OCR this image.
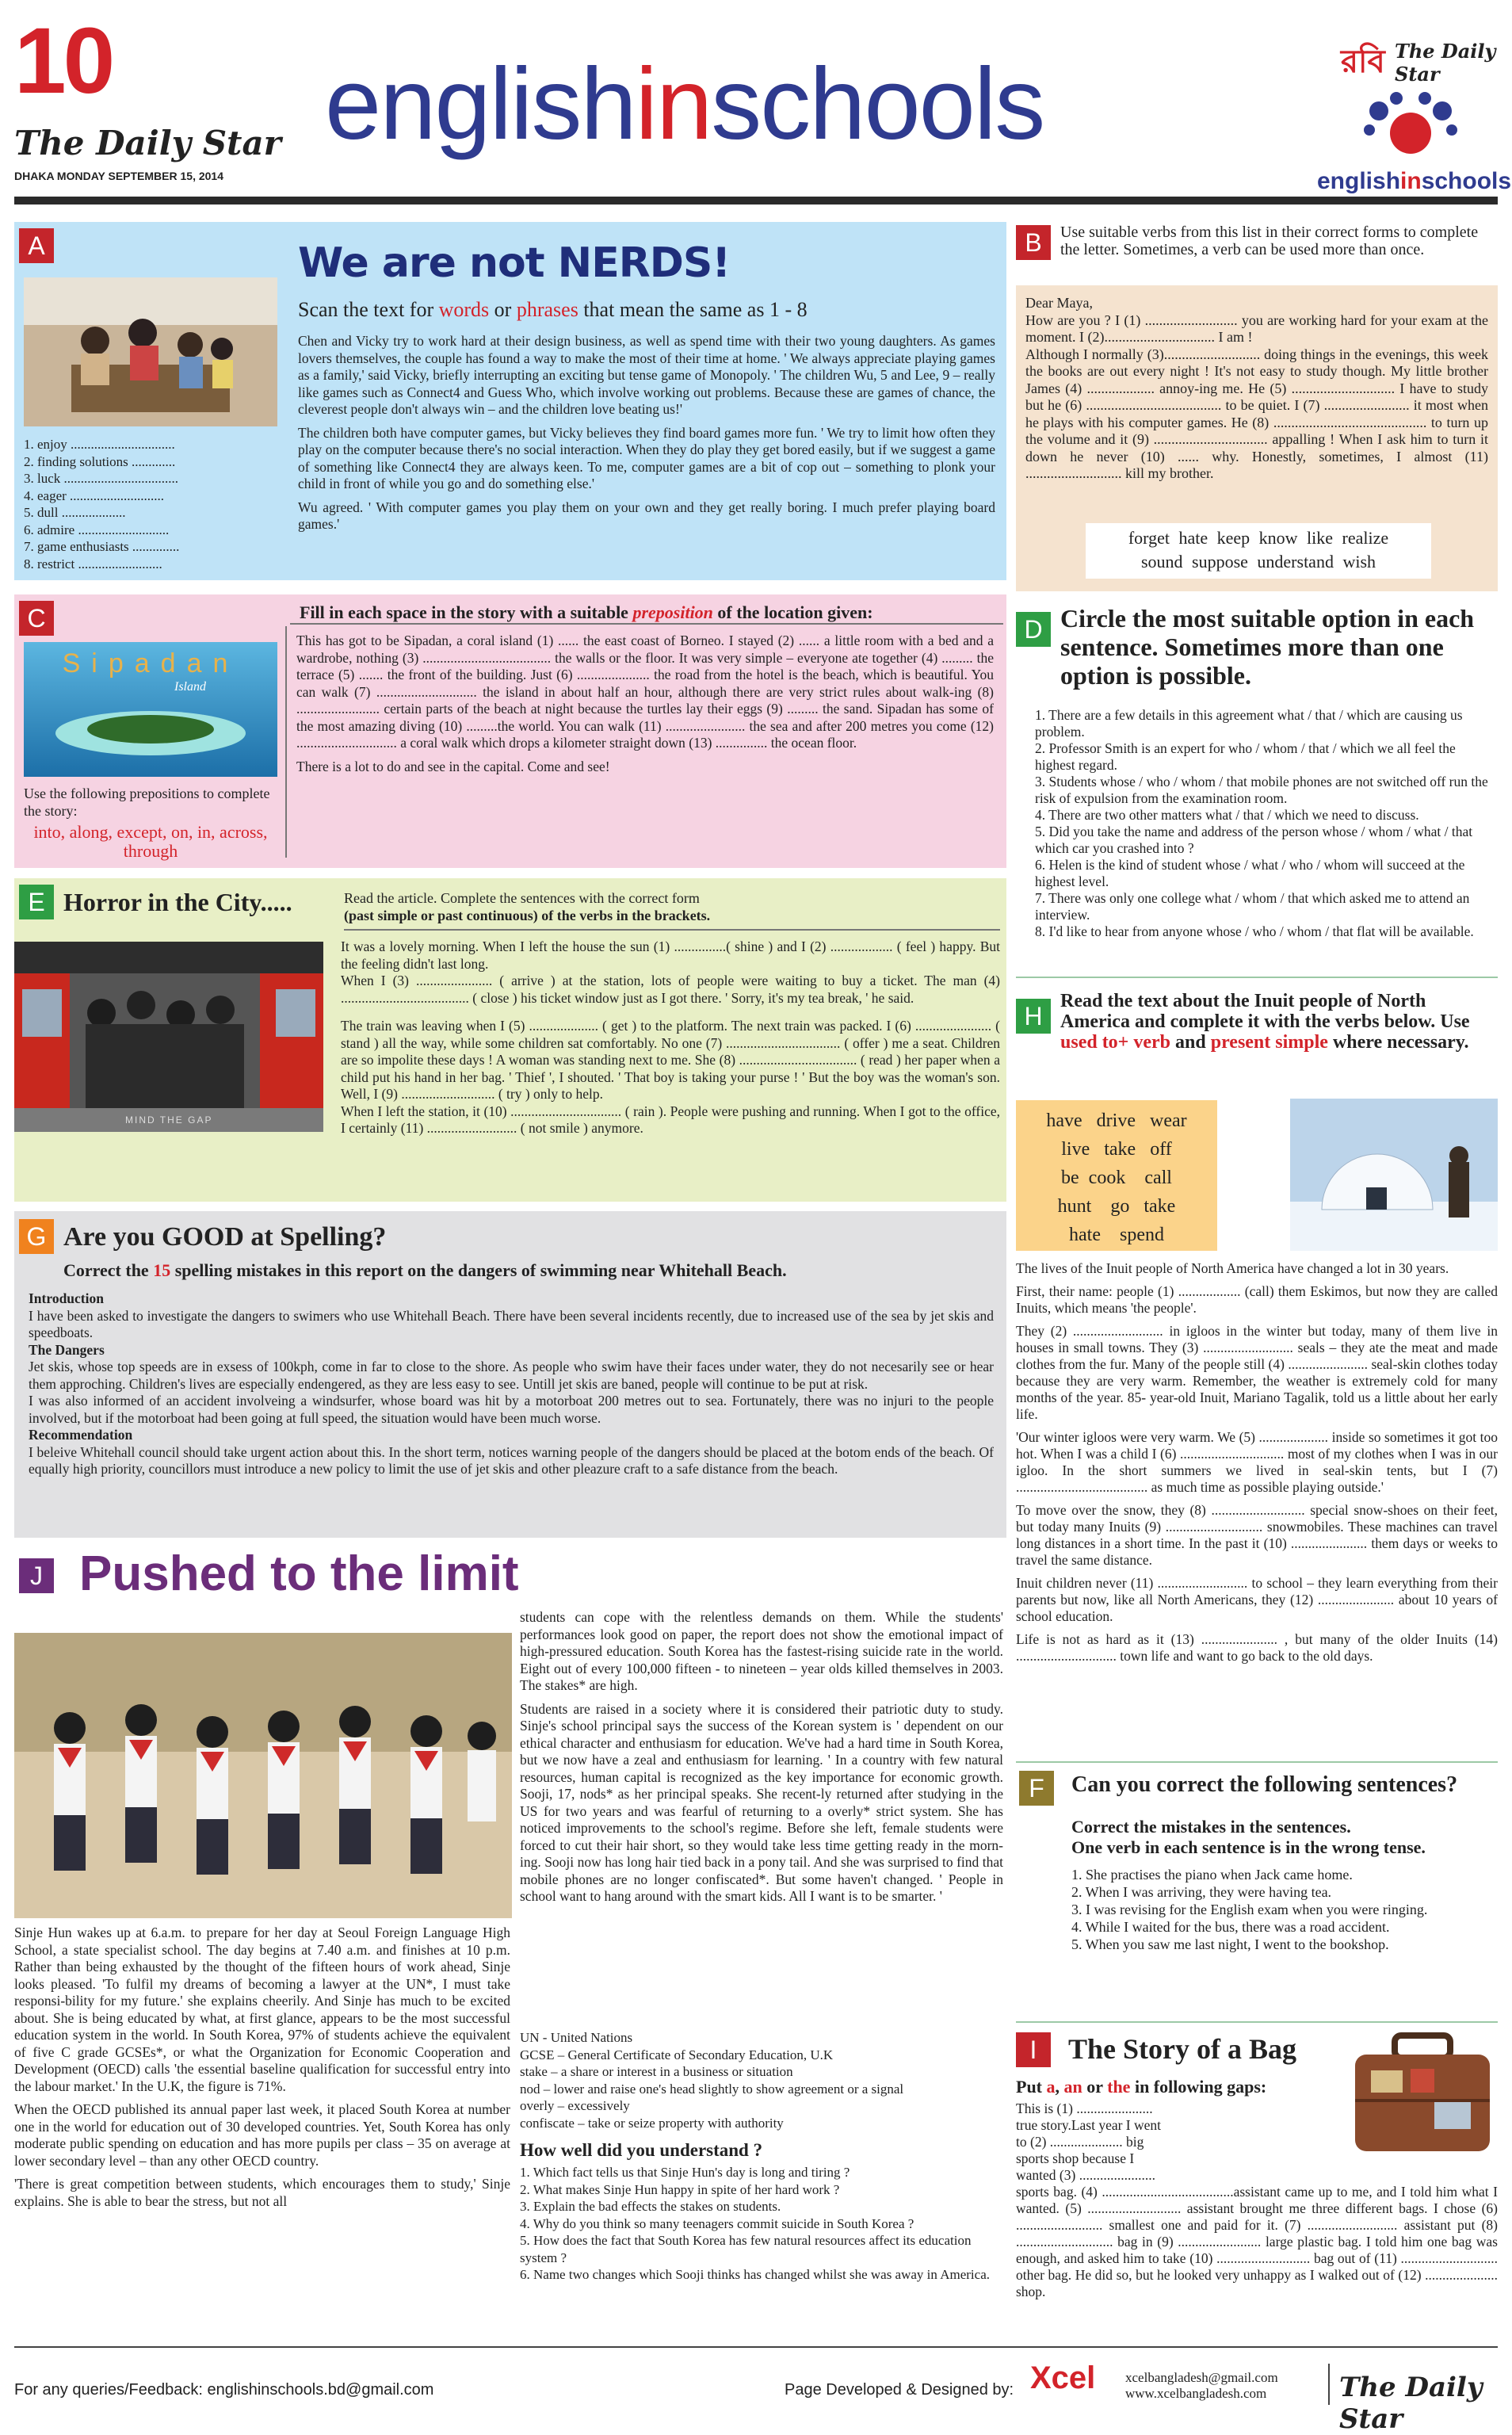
10
The Daily Star
DHAKA MONDAY SEPTEMBER 15, 2014
englishinschools	রবি The Daily Star
englishinschools
A	We are not NERDS!
Scan the text for words or phrases that mean the same as 1 - 8

Chen and Vicky try to work hard at their design business, as well as spend time with their two young daughters. As games lovers themselves, the couple has found a way to make the most of their time at home. ' We always appreciate playing games as a family,' said Vicky, briefly interrupting an exciting but tense game of Monopoly. ' The children Wu, 5 and Lee, 9 – really like games such as Connect4 and Guess Who, which involve working out problems. Because these are games of chance, the cleverest people don't always win – and the children love beating us!'

The children both have computer games, but Vicky believes they find board games more fun. ' We try to limit how often they play on the computer because there's no social interaction. When they do play they get bored easily, but if we suggest a game of something like Connect4 they are always keen. To me, computer games are a bit of cop out – something to plonk your child in front of while you go and do something else.'

Wu agreed. ' With computer games you play them on your own and they get really boring. I much prefer playing board games.'

1. enjoy ...............................
2. finding solutions .............
3. luck ..................................
4. eager ............................
5. dull ...................
6. admire ...........................
7. game enthusiasts ..............
8. restrict .........................
B	Use suitable verbs from this list in their correct forms to complete the letter. Sometimes, a verb can be used more than once.
Dear Maya,
How are you ? I (1) .......................... you are working hard for your exam at the moment. I (2)............................... I am !
Although I normally (3)........................... doing things in the evenings, this week the books are out every night ! It's not easy to study though. My little brother James (4) ................... annoy-ing me. He (5) ............................. I have to study but he (6) ...................................... to be quiet. I (7) ........................ it most when he plays with his computer games. He (8) ........................................... to turn up the volume and it (9) ................................ appalling ! When I ask him to turn it down he never (10) ...... why. Honestly, sometimes, I almost (11) ........................... kill my brother.
forget hate keep know like realize
sound suppose understand wish
C
Sipadan
Island
Fill in each space in the story with a suitable preposition of the location given:

This has got to be Sipadan, a coral island (1) ...... the east coast of Borneo. I stayed (2) ...... a little room with a bed and a wardrobe, nothing (3) ..................................... the walls or the floor. It was very simple – everyone ate together (4) ......... the terrace (5) ....... the front of the building. Just (6) ..................... the road from the hotel is the beach, which is beautiful. You can walk (7) ............................. the island in about half an hour, although there are very strict rules about walk-ing (8) ........................ certain parts of the beach at night because the turtles lay their eggs (9) ......... the sand. Sipadan has some of the most amazing diving (10) .........the world. You can walk (11) ....................... the sea and after 200 metres you come (12) ............................. a coral walk which drops a kilometer straight down (13) ............... the ocean floor.

There is a lot to do and see in the capital. Come and see!

Use the following prepositions to complete the story:
into, along, except, on, in, across, through
D Circle the most suitable option in each sentence. Sometimes more than one option is possible.
1. There are a few details in this agreement what / that / which are causing us problem.
2. Professor Smith is an expert for who / whom / that / which we all feel the highest regard.
3. Students whose / who / whom / that mobile phones are not switched off run the risk of expulsion from the examination room.
4. There are two other matters what / that / which we need to discuss.
5. Did you take the name and address of the person whose / whom / what / that which car you crashed into ?
6. Helen is the kind of student whose / what / who / whom will succeed at the highest level.
7. There was only one college what / whom / that which asked me to attend an interview.
8. I'd like to hear from anyone whose / who / whom / that flat will be available.
E Horror in the City.....
MIND THE GAP
Read the article. Complete the sentences with the correct form
(past simple or past continuous) of the verbs in the brackets.

It was a lovely morning. When I left the house the sun (1) ...............( shine ) and I (2) .................. ( feel ) happy. But the feeling didn't last long.

When I (3) ...................... ( arrive ) at the station, lots of people were waiting to buy a ticket. The man (4) ..................................... ( close ) his ticket window just as I got there. ' Sorry, it's my tea break, ' he said.

The train was leaving when I (5) .................... ( get ) to the platform. The next train was packed. I (6) ...................... ( stand ) all the way, while some children sat comfortably. No one (7) ................................. ( offer ) me a seat. Children are so impolite these days ! A woman was standing next to me. She (8) .................................. ( read ) her paper when a child put his hand in her bag. ' Thief ', I shouted. ' That boy is taking your purse ! ' But the boy was the woman's son. Well, I (9) ........................... ( try ) only to help.

When I left the station, it (10) ................................ ( rain ). People were pushing and running. When I got to the office, I certainly (11) .......................... ( not smile ) anymore.

H
Read the text about the Inuit people of North America and complete it with the verbs below. Use used to+ verb and present simple where necessary.
have   drive   wear
live   take   off
be  cook    call
hunt    go   take
hate    spend

The lives of the Inuit people of North America have changed a lot in 30 years.

First, their name: people (1) .................. (call) them Eskimos, but now they are called Inuits, which means 'the people'.

They (2) .......................... in igloos in the winter but today, many of them live in houses in small towns. They (3) .......................... seals – they ate the meat and made clothes from the fur. Many of the people still (4) ....................... seal-skin clothes today because they are very warm. Remember, the weather is extremely cold for many months of the year. 85- year-old Inuit, Mariano Tagalik, told us a little about her early life.

'Our winter igloos were very warm. We (5) .................... inside so sometimes it got too hot. When I was a child I (6) .............................. most of my clothes when I was in our igloo. In the short summers we lived in seal-skin tents, but I (7) ...................................... as much time as possible playing outside.'

To move over the snow, they (8) ........................... special snow-shoes on their feet, but today many Inuits (9) ............................ snowmobiles. These machines can travel long distances in a short time. In the past it (10) ...................... them days or weeks to travel the same distance.

Inuit children never (11) .......................... to school – they learn everything from their parents but now, like all North Americans, they (12) ...................... about 10 years of school education.

Life is not as hard as it (13) ...................... , but many of the older Inuits (14) ............................. town life and want to go back to the old days.

G Are you GOOD at Spelling?
Correct the 15 spelling mistakes in this report on the dangers of swimming near Whitehall Beach.
Introduction
I have been asked to investigate the dangers to swimers who use Whitehall Beach. There have been several incidents recently, due to increased use of the sea by jet skis and speedboats.
The Dangers
Jet skis, whose top speeds are in exsess of 100kph, come in far to close to the shore. As people who swim have their faces under water, they do not necesarily see or hear them approching. Children's lives are especially endengered, as they are less easy to see. Untill jet skis are baned, people will continue to be put at risk.
I was also informed of an accident involveing a windsurfer, whose board was hit by a motorboat 200 metres out to sea. Fortunately, there was no injuri to the people involved, but if the motorboat had been going at full speed, the situation would have been much worse.
Recommendation
I beleive Whitehall council should take urgent action about this. In the short term, notices warning people of the dangers should be placed at the botom ends of the beach. Of equally high priority, councillors must introduce a new policy to limit the use of jet skis and other pleazure craft to a safe distance from the beach.
J Pushed to the limit

Sinje Hun wakes up at 6.a.m. to prepare for her day at Seoul Foreign Language High School, a state specialist school. The day begins at 7.40 a.m. and finishes at 10 p.m. Rather than being exhausted by the thought of the fifteen hours of work ahead, Sinje looks pleased. 'To fulfil my dreams of becoming a lawyer at the UN*, I must take responsi-bility for my future.' she explains cheerily. And Sinje has much to be excited about. She is being educated by what, at first glance, appears to be the most successful education system in the world. In South Korea, 97% of students achieve the equivalent of five C grade GCSEs*, or what the Organization for Economic Cooperation and Development (OECD) calls 'the essential baseline qualification for successful entry into the labour market.' In the U.K, the figure is 71%.

When the OECD published its annual paper last week, it placed South Korea at number one in the world for education out of 30 developed countries. Yet, South Korea has only moderate public spending on education and has more pupils per class – 35 on average at lower secondary level – than any other OECD country.

'There is great competition between students, which encourages them to study,' Sinje explains. She is able to bear the stress, but not all

students can cope with the relentless demands on them. While the students' performances look good on paper, the report does not show the emotional impact of high-pressured education. South Korea has the fastest-rising suicide rate in the world. Eight out of every 100,000 fifteen - to nineteen – year olds killed themselves in 2003. The stakes* are high.

Students are raised in a society where it is considered their patriotic duty to study. Sinje's school principal says the success of the Korean system is ' dependent on our ethical character and enthusiasm for education. We've had a hard time in South Korea, but we now have a zeal and enthusiasm for learning. ' In a country with few natural resources, human capital is recognized as the key importance for economic growth. Sooji, 17, nods* as her principal speaks. She recent-ly returned after studying in the US for two years and was fearful of returning to a overly* strict system. She has noticed improvements to the school's regime. Before she left, female students were forced to cut their hair short, so they would take less time getting ready in the morn-ing. Sooji now has long hair tied back in a pony tail. And she was surprised to find that mobile phones are no longer confiscated*. But some haven't changed. ' People in school want to hang around with the smart kids. All I want is to be smarter. '

UN - United Nations
GCSE – General Certificate of Secondary Education, U.K
stake – a share or interest in a business or situation
nod – lower and raise one's head slightly to show agreement or a signal
overly – excessively
confiscate – take or seize property with authority
How well did you understand ?
1. Which fact tells us that Sinje Hun's day is long and tiring ?
2. What makes Sinje Hun happy in spite of her hard work ?
3. Explain the bad effects the stakes on students.
4. Why do you think so many teenagers commit suicide in South Korea ?
5. How does the fact that South Korea has few natural resources affect its education system ?
6. Name two changes which Sooji thinks has changed whilst she was away in America.
F	Can you correct the following sentences?
Correct the mistakes in the sentences.
One verb in each sentence is in the wrong tense.
1. She practises the piano when Jack came home.
2. When I was arriving, they were having tea.
3. I was revising for the English exam when you were ringing.
4. While I waited for the bus, there was a road accident.
5. When you saw me last night, I went to the bookshop.
I	The Story of a Bag
Put a, an or the in following gaps:
This is (1) ......................
true story.Last year I went
to (2) ..................... big
sports shop because I
wanted (3) ......................
sports bag. (4) ......................................assistant came up to me, and I told him what I wanted. (5) ........................... assistant brought me three different bags. I chose (6) ......................... smallest one and paid for it. (7) .......................... assistant put (8) ............................ bag in (9) ........................ large plastic bag. I told him one bag was enough, and asked him to take (10) ........................... bag out of (11) ............................ other bag. He did so, but he looked very unhappy as I walked out of (12) ..................... shop.
For any queries/Feedback: englishinschools.bd@gmail.com	Page Developed & Designed by: Xcel xcelbangladesh@gmail.com
www.xcelbangladesh.com	The Daily Star
